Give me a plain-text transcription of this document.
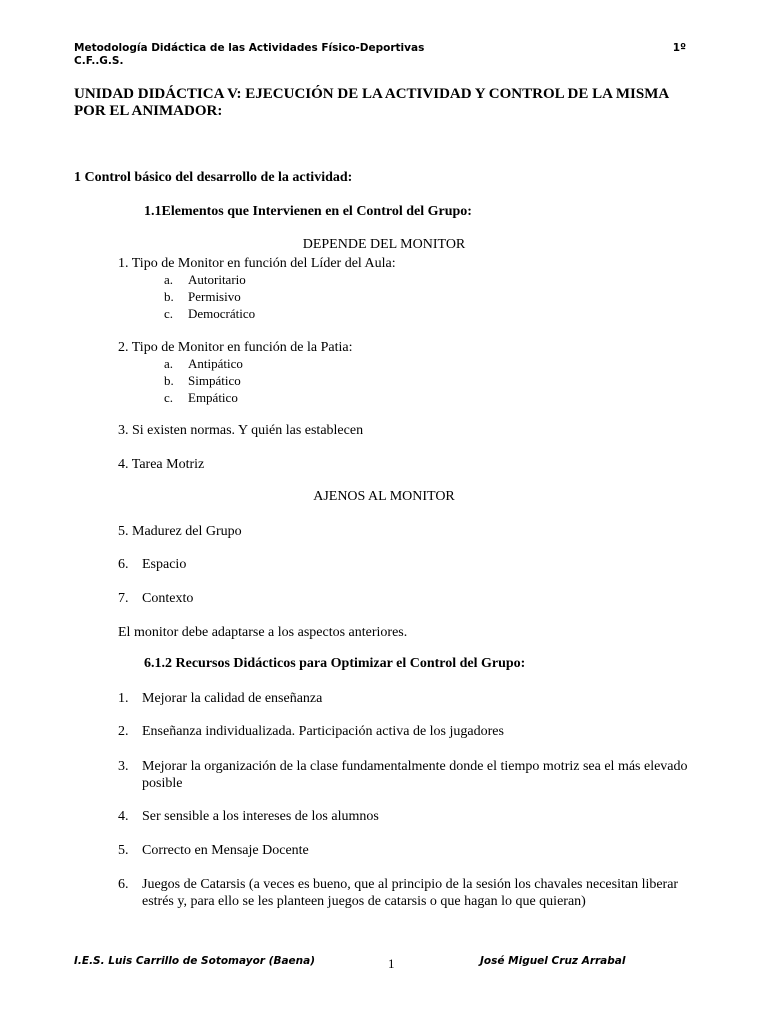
Metodología Didáctica de las Actividades Físico-Deportivas	1º
C.F..G.S.
UNIDAD DIDÁCTICA V: EJECUCIÓN DE LA ACTIVIDAD Y CONTROL DE LA MISMA
POR EL ANIMADOR:
1 Control básico del desarrollo de la actividad:
1.1Elementos que Intervienen en el Control del Grupo:
DEPENDE DEL MONITOR
1. Tipo de Monitor en función del Líder del Aula:
a. Autoritario
b. Permisivo
c. Democrático
2. Tipo de Monitor en función de la Patia:
a. Antipático
b. Simpático
c. Empático
3. Si existen normas. Y quién las establecen
4. Tarea Motriz
AJENOS AL MONITOR
5. Madurez del Grupo
6. Espacio
7. Contexto
El monitor debe adaptarse a los aspectos anteriores.
6.1.2 Recursos Didácticos para Optimizar el Control del Grupo:
1. Mejorar la calidad de enseñanza
2. Enseñanza individualizada. Participación activa de los jugadores
3. Mejorar la organización de la clase fundamentalmente donde el tiempo motriz sea el más elevado posible
4. Ser sensible a los intereses de los alumnos
5. Correcto en Mensaje Docente
6. Juegos de Catarsis (a veces es bueno, que al principio de la sesión los chavales necesitan liberar estrés y, para ello se les planteen juegos de catarsis o que hagan lo que quieran)
I.E.S. Luis Carrillo de Sotomayor (Baena)	1	José Miguel Cruz Arrabal
